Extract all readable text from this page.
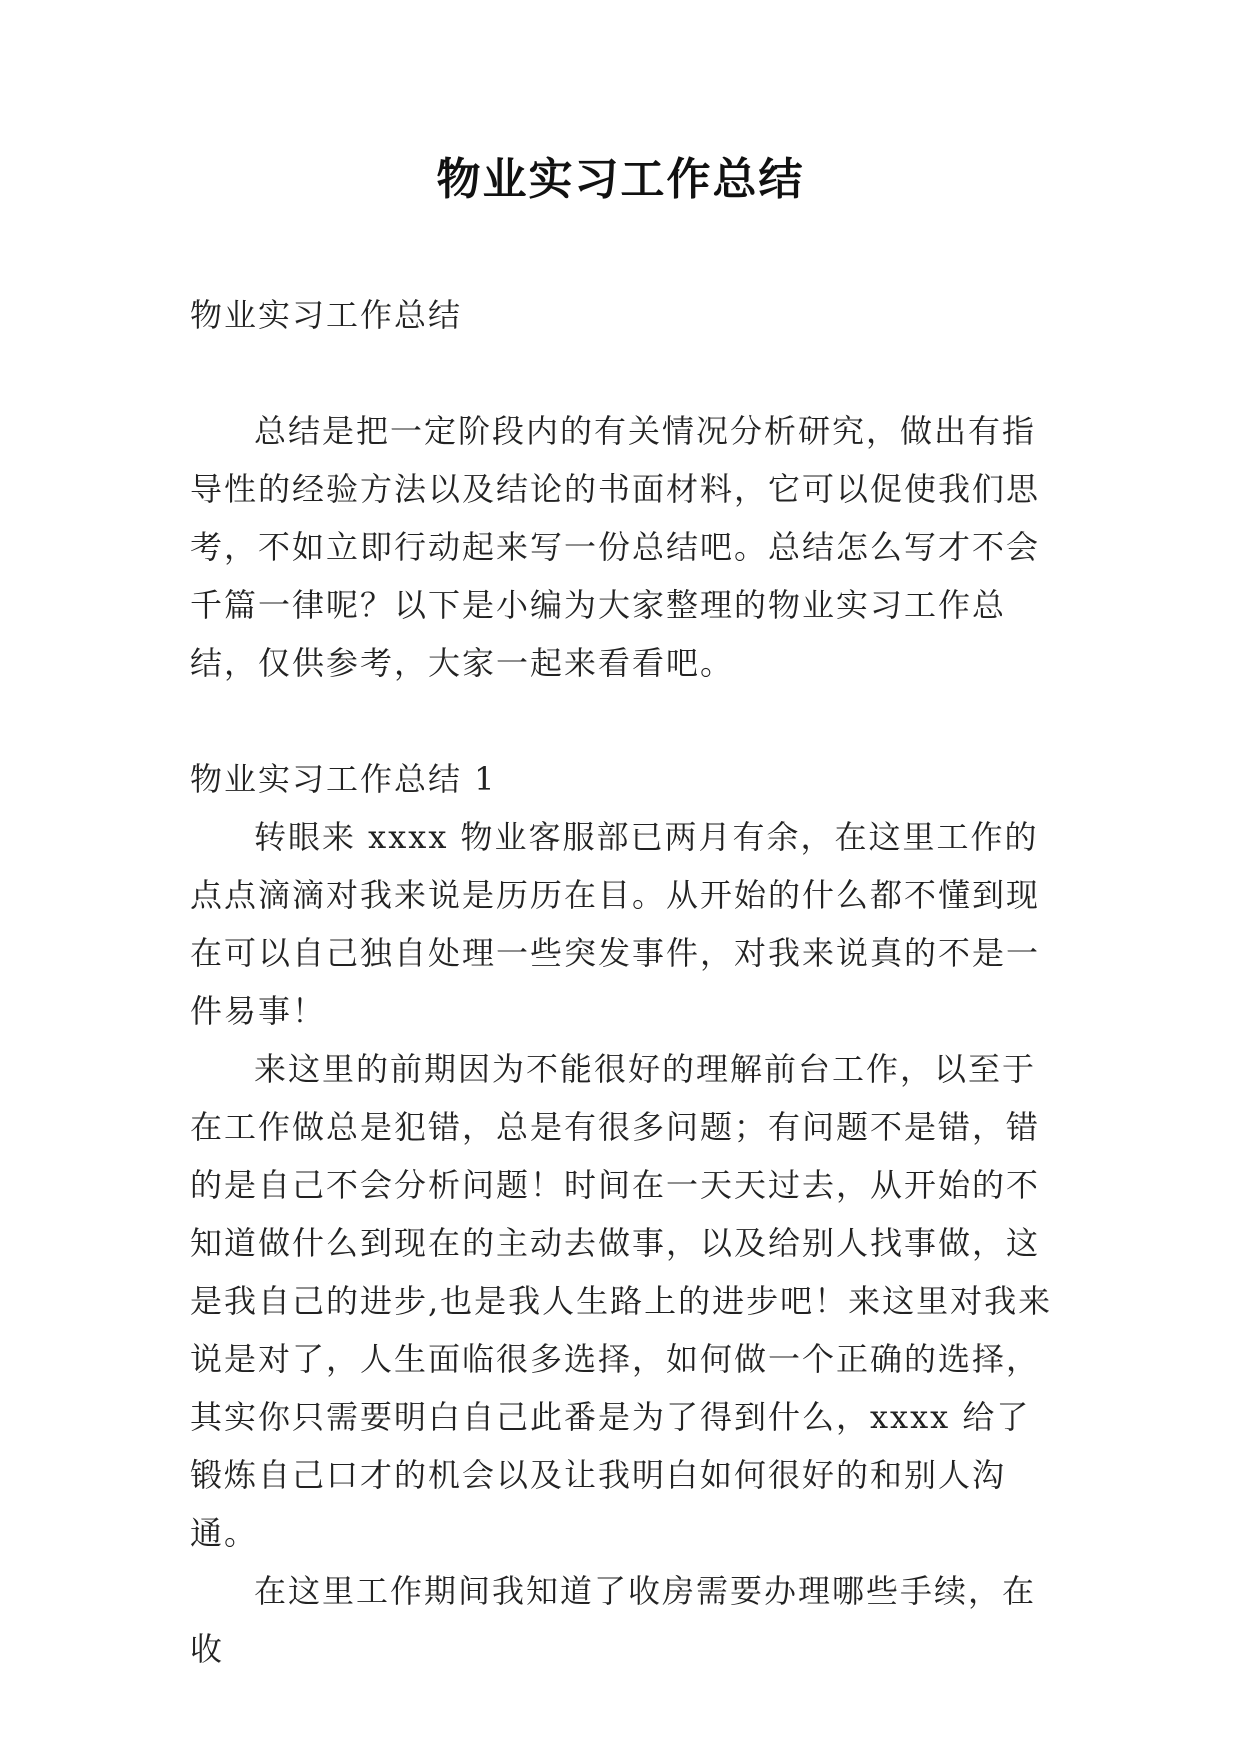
物业实习工作总结

物业实习工作总结

总结是把一定阶段内的有关情况分析研究，做出有指导性的经验方法以及结论的书面材料，它可以促使我们思考，不如立即行动起来写一份总结吧。总结怎么写才不会千篇一律呢？以下是小编为大家整理的物业实习工作总结，仅供参考，大家一起来看看吧。

物业实习工作总结 1

转眼来 xxxx 物业客服部已两月有余，在这里工作的点点滴滴对我来说是历历在目。从开始的什么都不懂到现在可以自己独自处理一些突发事件，对我来说真的不是一件易事！

来这里的前期因为不能很好的理解前台工作，以至于在工作做总是犯错，总是有很多问题；有问题不是错，错的是自己不会分析问题！时间在一天天过去，从开始的不知道做什么到现在的主动去做事，以及给别人找事做，这是我自己的进步,也是我人生路上的进步吧！来这里对我来说是对了，人生面临很多选择，如何做一个正确的选择，其实你只需要明白自己此番是为了得到什么，xxxx 给了锻炼自己口才的机会以及让我明白如何很好的和别人沟通。

在这里工作期间我知道了收房需要办理哪些手续，在收
